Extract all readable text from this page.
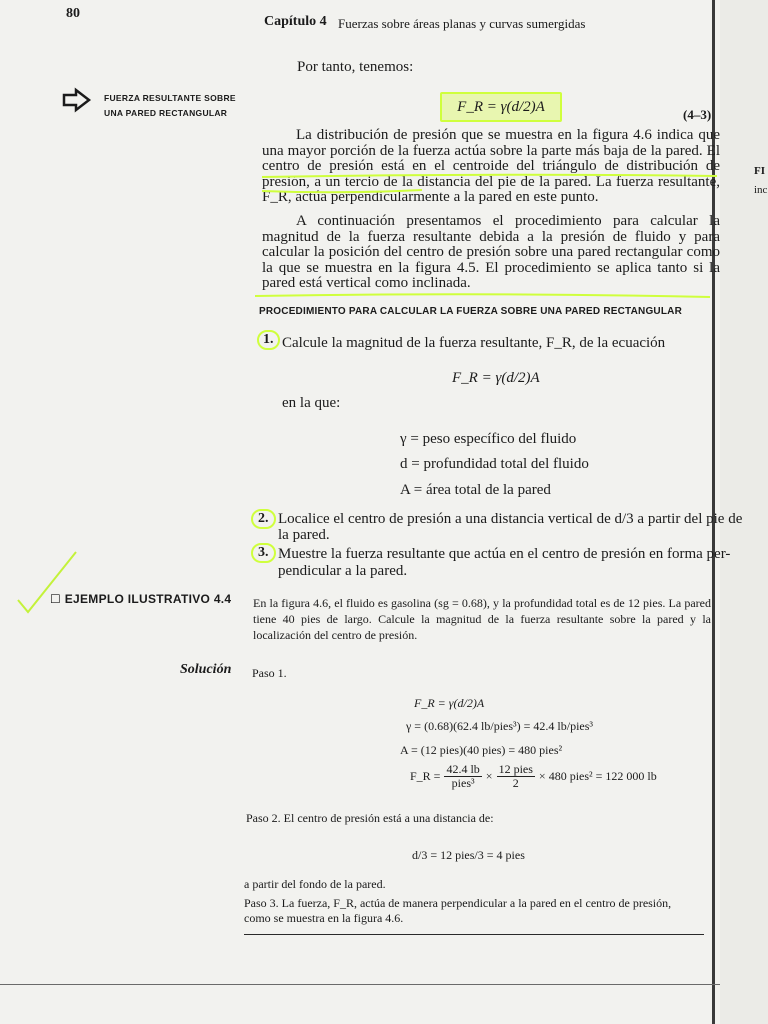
80
Capítulo 4 Fuerzas sobre áreas planas y curvas sumergidas
Por tanto, tenemos:
FUERZA RESULTANTE SOBRE
UNA PARED RECTANGULAR	F_R = γ(d/2)A	(4–3)
La distribución de presión que se muestra en la figura 4.6 indica que una mayor porción de la fuerza actúa sobre la parte más baja de la pared. El centro de presión está en el centroide del triángulo de distribución de presión, a un tercio de la distancia del pie de la pared. La fuerza resultante, F_R, actúa perpendicularmente a la pared en este punto.
A continuación presentamos el procedimiento para calcular la magnitud de la fuerza resultante debida a la presión de fluido y para calcular la posición del centro de presión sobre una pared rectangular como la que se muestra en la figura 4.5. El procedimiento se aplica tanto si la pared está vertical como inclinada.
PROCEDIMIENTO PARA CALCULAR LA FUERZA SOBRE UNA PARED RECTANGULAR
1. Calcule la magnitud de la fuerza resultante, F_R, de la ecuación
F_R = γ(d/2)A
en la que:
γ = peso específico del fluido
d = profundidad total del fluido
A = área total de la pared
2. Localice el centro de presión a una distancia vertical de d/3 a partir del pie de
la pared.
3. Muestre la fuerza resultante que actúa en el centro de presión en forma per-
pendicular a la pared.
☐ EJEMPLO ILUSTRATIVO 4.4 En la figura 4.6, el fluido es gasolina (sg = 0.68), y la profundidad total es de 12 pies. La pared tiene 40 pies de largo. Calcule la magnitud de la fuerza resultante sobre la pared y la localización del centro de presión.
Solución Paso 1.
F_R = γ(d/2)A
γ = (0.68)(62.4 lb/pies³) = 42.4 lb/pies³
A = (12 pies)(40 pies) = 480 pies²
F_R = $\frac{42.4 lb}{\text{pies³}} \times \frac{\text{12 pies}}{2} \times 480$ pies² = 122 000 lb
Paso 2. El centro de presión está a una distancia de:
d/3 = 12 pies/3 = 4 pies
a partir del fondo de la pared.
Paso 3. La fuerza, F_R, actúa de manera perpendicular a la pared en el centro de presión,
como se muestra en la figura 4.6.
FI
inc
